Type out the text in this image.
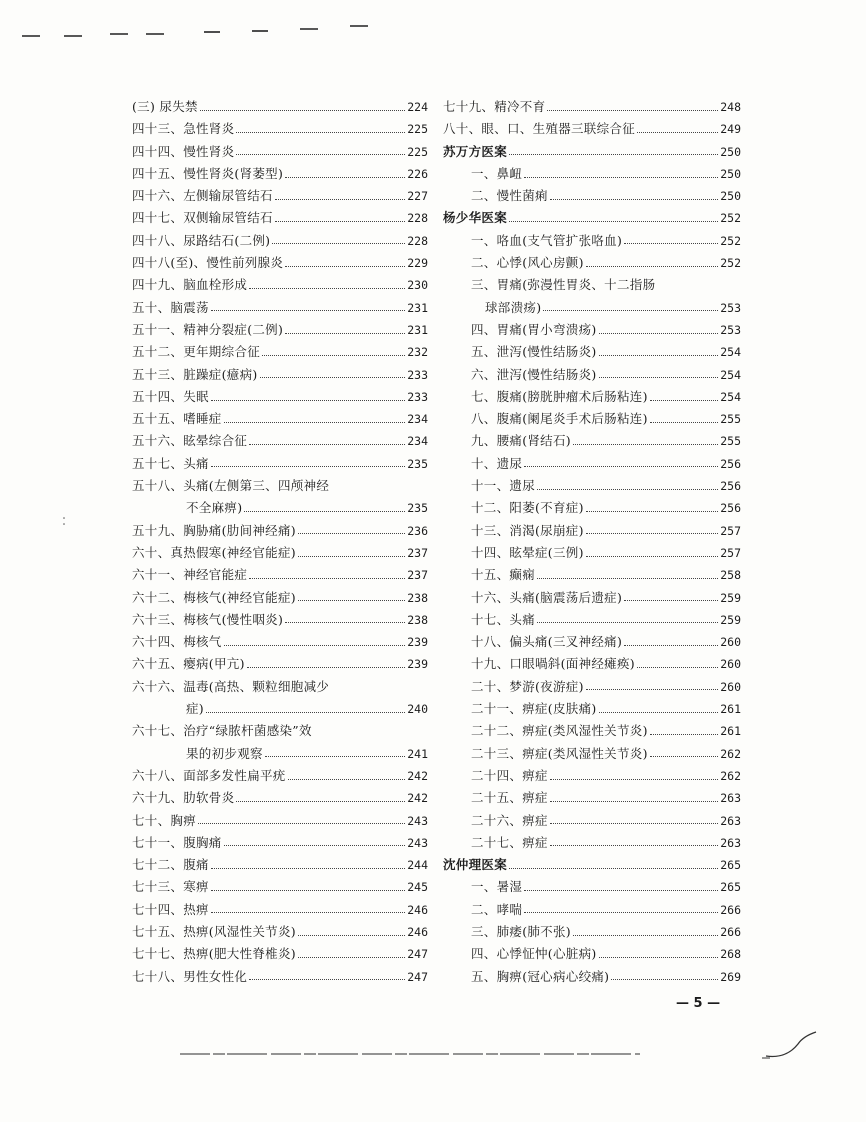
(三) 尿失禁	224
四十三、急性肾炎	225
四十四、慢性肾炎	225
四十五、慢性肾炎(肾萎型)	226
四十六、左侧输尿管结石	227
四十七、双侧输尿管结石	228
四十八、尿路结石(二例)	228
四十八(至)、慢性前列腺炎	229
四十九、脑血栓形成	230
五十、脑震荡	231
五十一、精神分裂症(二例)	231
五十二、更年期综合征	232
五十三、脏躁症(癔病)	233
五十四、失眠	233
五十五、嗜睡症	234
五十六、眩晕综合征	234
五十七、头痛	235
五十八、头痛(左侧第三、四颅神经
不全麻痹)	235
五十九、胸胁痛(肋间神经痛)	236
六十、真热假寒(神经官能症)	237
六十一、神经官能症	237
六十二、梅核气(神经官能症)	238
六十三、梅核气(慢性咽炎)	238
六十四、梅核气	239
六十五、瘿病(甲亢)	239
六十六、温毒(高热、颗粒细胞减少
症)	240
六十七、治疗“绿脓杆菌感染”效
果的初步观察	241
六十八、面部多发性扁平疣	242
六十九、肋软骨炎	242
七十、胸痹	243
七十一、腹胸痛	243
七十二、腹痛	244
七十三、寒痹	245
七十四、热痹	246
七十五、热痹(风湿性关节炎)	246
七十七、热痹(肥大性脊椎炎)	247
七十八、男性女性化	247
七十九、精冷不育	248
八十、眼、口、生殖器三联综合征	249
苏万方医案	250
一、鼻衄	250
二、慢性菌痢	250
杨少华医案	252
一、咯血(支气管扩张咯血)	252
二、心悸(风心房颤)	252
三、胃痛(弥漫性胃炎、十二指肠
球部溃疡)	253
四、胃痛(胃小弯溃疡)	253
五、泄泻(慢性结肠炎)	254
六、泄泻(慢性结肠炎)	254
七、腹痛(膀胱肿瘤术后肠粘连)	254
八、腹痛(阑尾炎手术后肠粘连)	255
九、腰痛(肾结石)	255
十、遗尿	256
十一、遗尿	256
十二、阳萎(不育症)	256
十三、消渴(尿崩症)	257
十四、眩晕症(三例)	257
十五、癫痫	258
十六、头痛(脑震荡后遗症)	259
十七、头痛	259
十八、偏头痛(三叉神经痛)	260
十九、口眼喎斜(面神经瘫痪)	260
二十、梦游(夜游症)	260
二十一、痹症(皮肤痛)	261
二十二、痹症(类风湿性关节炎)	261
二十三、痹症(类风湿性关节炎)	262
二十四、痹症	262
二十五、痹症	263
二十六、痹症	263
二十七、痹症	263
沈仲理医案	265
一、暑湿	265
二、哮喘	266
三、肺痿(肺不张)	266
四、心悸怔忡(心脏病)	268
五、胸痹(冠心病心绞痛)	269
— 5 —
